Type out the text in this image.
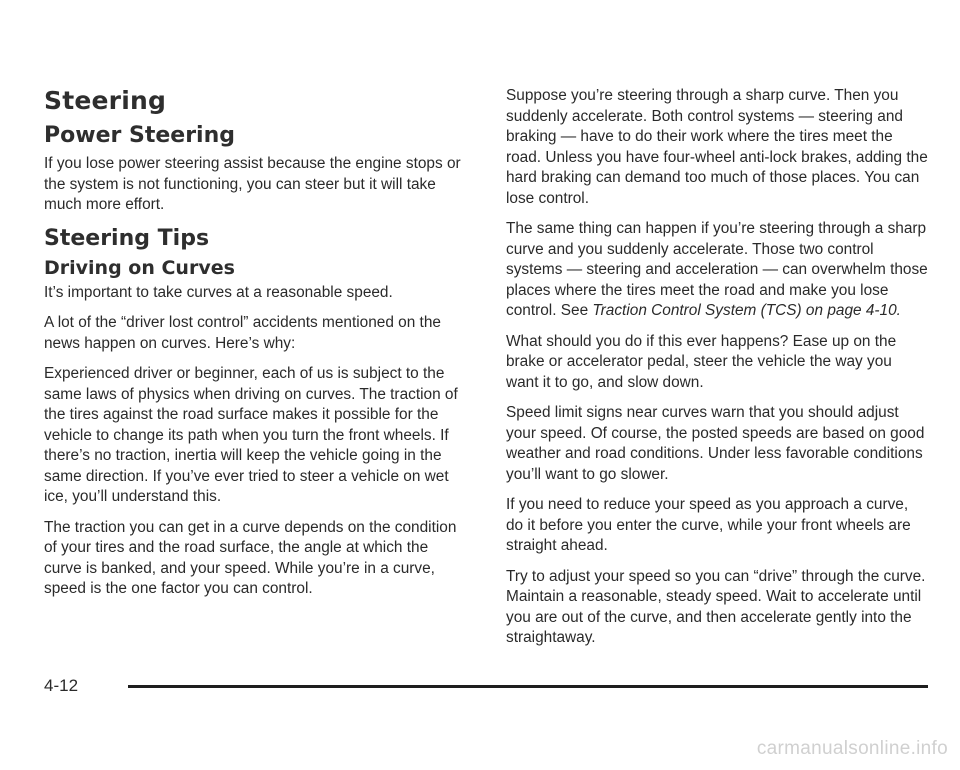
Steering
Power Steering

If you lose power steering assist because the engine stops or the system is not functioning, you can steer but it will take much more effort.

Steering Tips
Driving on Curves

It’s important to take curves at a reasonable speed.

A lot of the “driver lost control” accidents mentioned on the news happen on curves. Here’s why:

Experienced driver or beginner, each of us is subject to the same laws of physics when driving on curves. The traction of the tires against the road surface makes it possible for the vehicle to change its path when you turn the front wheels. If there’s no traction, inertia will keep the vehicle going in the same direction. If you’ve ever tried to steer a vehicle on wet ice, you’ll understand this.

The traction you can get in a curve depends on the condition of your tires and the road surface, the angle at which the curve is banked, and your speed. While you’re in a curve, speed is the one factor you can control.

Suppose you’re steering through a sharp curve. Then you suddenly accelerate. Both control systems — steering and braking — have to do their work where the tires meet the road. Unless you have four-wheel anti-lock brakes, adding the hard braking can demand too much of those places. You can lose control.

The same thing can happen if you’re steering through a sharp curve and you suddenly accelerate. Those two control systems — steering and acceleration — can overwhelm those places where the tires meet the road and make you lose control. See Traction Control System (TCS) on page 4-10.

What should you do if this ever happens? Ease up on the brake or accelerator pedal, steer the vehicle the way you want it to go, and slow down.

Speed limit signs near curves warn that you should adjust your speed. Of course, the posted speeds are based on good weather and road conditions. Under less favorable conditions you’ll want to go slower.

If you need to reduce your speed as you approach a curve, do it before you enter the curve, while your front wheels are straight ahead.

Try to adjust your speed so you can “drive” through the curve. Maintain a reasonable, steady speed. Wait to accelerate until you are out of the curve, and then accelerate gently into the straightaway.

4-12
carmanualsonline.info
